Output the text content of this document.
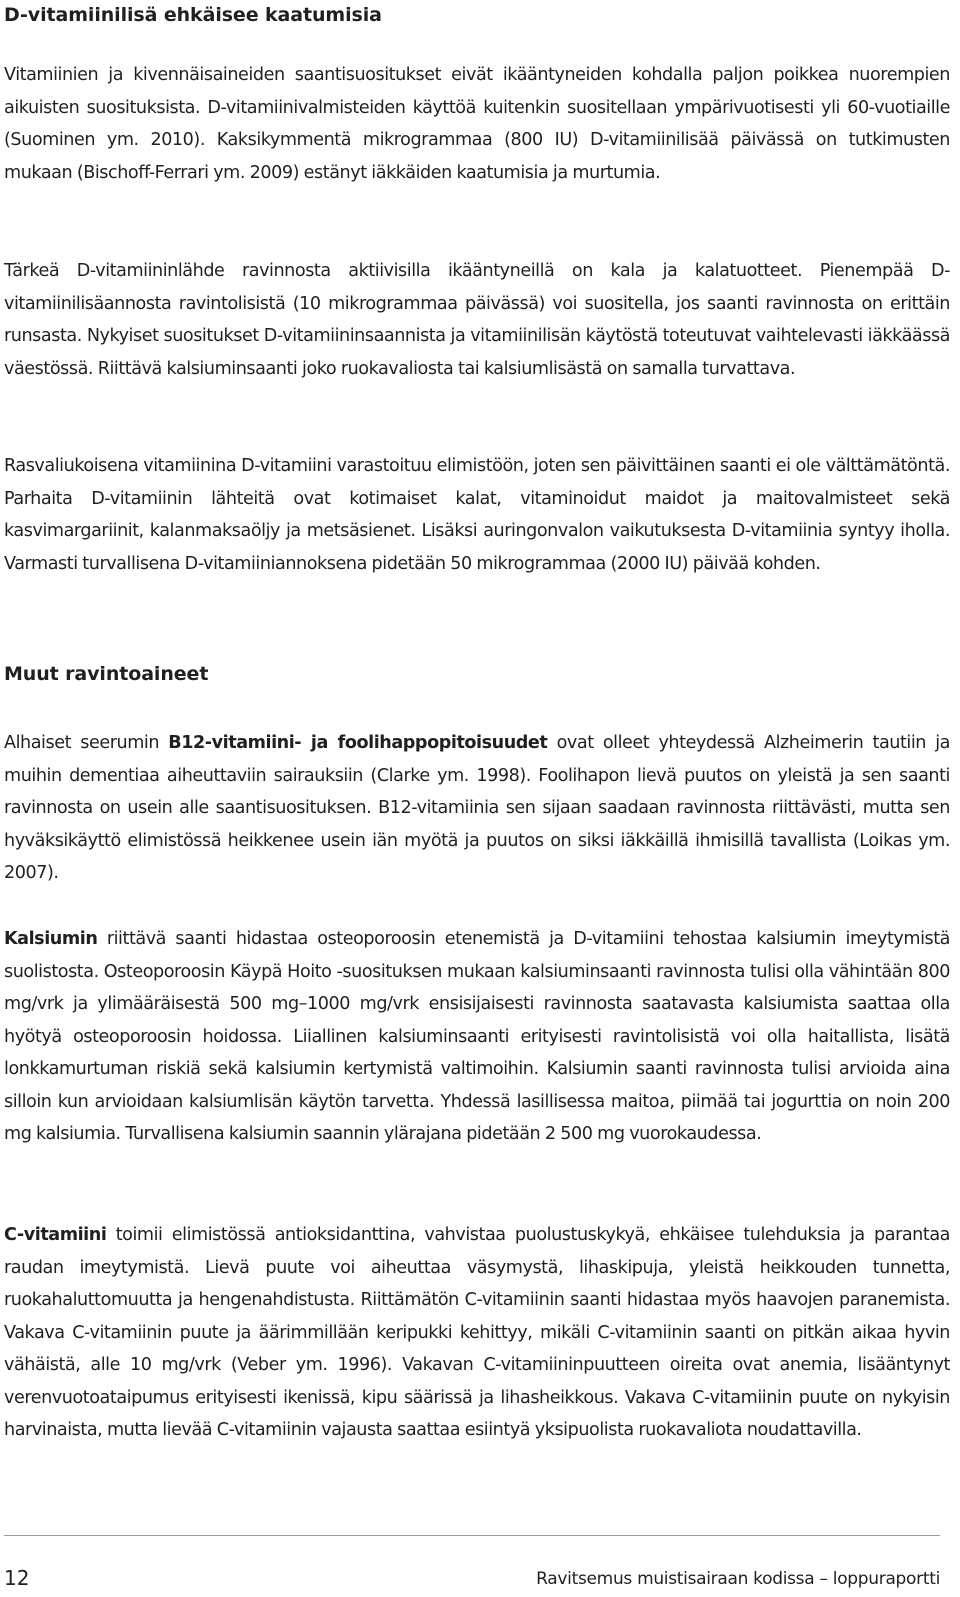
D-vitamiinilisä ehkäisee kaatumisia

Vitamiinien ja kivennäisaineiden saantisuositukset eivät ikääntyneiden kohdalla paljon poikkea nuorempien aikuisten suosituksista. D-vitamiinivalmisteiden käyttöä kuitenkin suositellaan ympärivuotisesti yli 60-vuotiaille (Suominen ym. 2010). Kaksikymmentä mikrogrammaa (800 IU) D-vitamiinilisää päivässä on tutkimusten mukaan (Bischoff-Ferrari ym. 2009) estänyt iäkkäiden kaatumisia ja murtumia.

Tärkeä D-vitamiininlähde ravinnosta aktiivisilla ikääntyneillä on kala ja kalatuotteet. Pienempää D-vitamiinilisäannosta ravintolisistä (10 mikrogrammaa päivässä) voi suositella, jos saanti ravinnosta on erittäin runsasta. Nykyiset suositukset D-vitamiininsaannista ja vitamiinilisän käytöstä toteutuvat vaihtelevasti iäkkäässä väestössä. Riittävä kalsiuminsaanti joko ruokavaliosta tai kalsiumlisästä on samalla turvattava.

Rasvaliukoisena vitamiinina D-vitamiini varastoituu elimistöön, joten sen päivittäinen saanti ei ole välttämätöntä. Parhaita D-vitamiinin lähteitä ovat kotimaiset kalat, vitaminoidut maidot ja maitovalmisteet sekä kasvimargariinit, kalanmaksaöljy ja metsäsienet. Lisäksi auringonvalon vaikutuksesta D-vitamiinia syntyy iholla. Varmasti turvallisena D-vitamiiniannoksena pidetään 50 mikrogrammaa (2000 IU) päivää kohden.

Muut ravintoaineet

Alhaiset seerumin B12-vitamiini- ja foolihappopitoisuudet ovat olleet yhteydessä Alzheimerin tautiin ja muihin dementiaa aiheuttaviin sairauksiin (Clarke ym. 1998). Foolihapon lievä puutos on yleistä ja sen saanti ravinnosta on usein alle saantisuosituksen. B12-vitamiinia sen sijaan saadaan ravinnosta riittävästi, mutta sen hyväksikäyttö elimistössä heikkenee usein iän myötä ja puutos on siksi iäkkäillä ihmisillä tavallista (Loikas ym. 2007).

Kalsiumin riittävä saanti hidastaa osteoporoosin etenemistä ja D-vitamiini tehostaa kalsiumin imeytymistä suolistosta. Osteoporoosin Käypä Hoito -suosituksen mukaan kalsiuminsaanti ravinnosta tulisi olla vähintään 800 mg/vrk ja ylimääräisestä 500 mg–1000 mg/vrk ensisijaisesti ravinnosta saatavasta kalsiumista saattaa olla hyötyä osteoporoosin hoidossa. Liiallinen kalsiuminsaanti erityisesti ravintolisistä voi olla haitallista, lisätä lonkkamurtuman riskiä sekä kalsiumin kertymistä valtimoihin. Kalsiumin saanti ravinnosta tulisi arvioida aina silloin kun arvioidaan kalsiumlisän käytön tarvetta. Yhdessä lasillisessa maitoa, piimää tai jogurttia on noin 200 mg kalsiumia. Turvallisena kalsiumin saannin ylärajana pidetään 2 500 mg vuorokaudessa.

C-vitamiini toimii elimistössä antioksidanttina, vahvistaa puolustuskykyä, ehkäisee tulehduksia ja parantaa raudan imeytymistä. Lievä puute voi aiheuttaa väsymystä, lihaskipuja, yleistä heikkouden tunnetta, ruokahaluttomuutta ja hengenahdistusta. Riittämätön C-vitamiinin saanti hidastaa myös haavojen paranemista. Vakava C-vitamiinin puute ja äärimmillään keripukki kehittyy, mikäli C-vitamiinin saanti on pitkän aikaa hyvin vähäistä, alle 10 mg/vrk (Veber ym. 1996). Vakavan C-vitamiininpuutteen oireita ovat anemia, lisääntynyt verenvuotoataipumus erityisesti ikenissä, kipu säärissä ja lihasheikkous. Vakava C-vitamiinin puute on nykyisin harvinaista, mutta lievää C-vitamiinin vajausta saattaa esiintyä yksipuolista ruokavaliota noudattavilla.

12	Ravitsemus muistisairaan kodissa – loppuraportti
